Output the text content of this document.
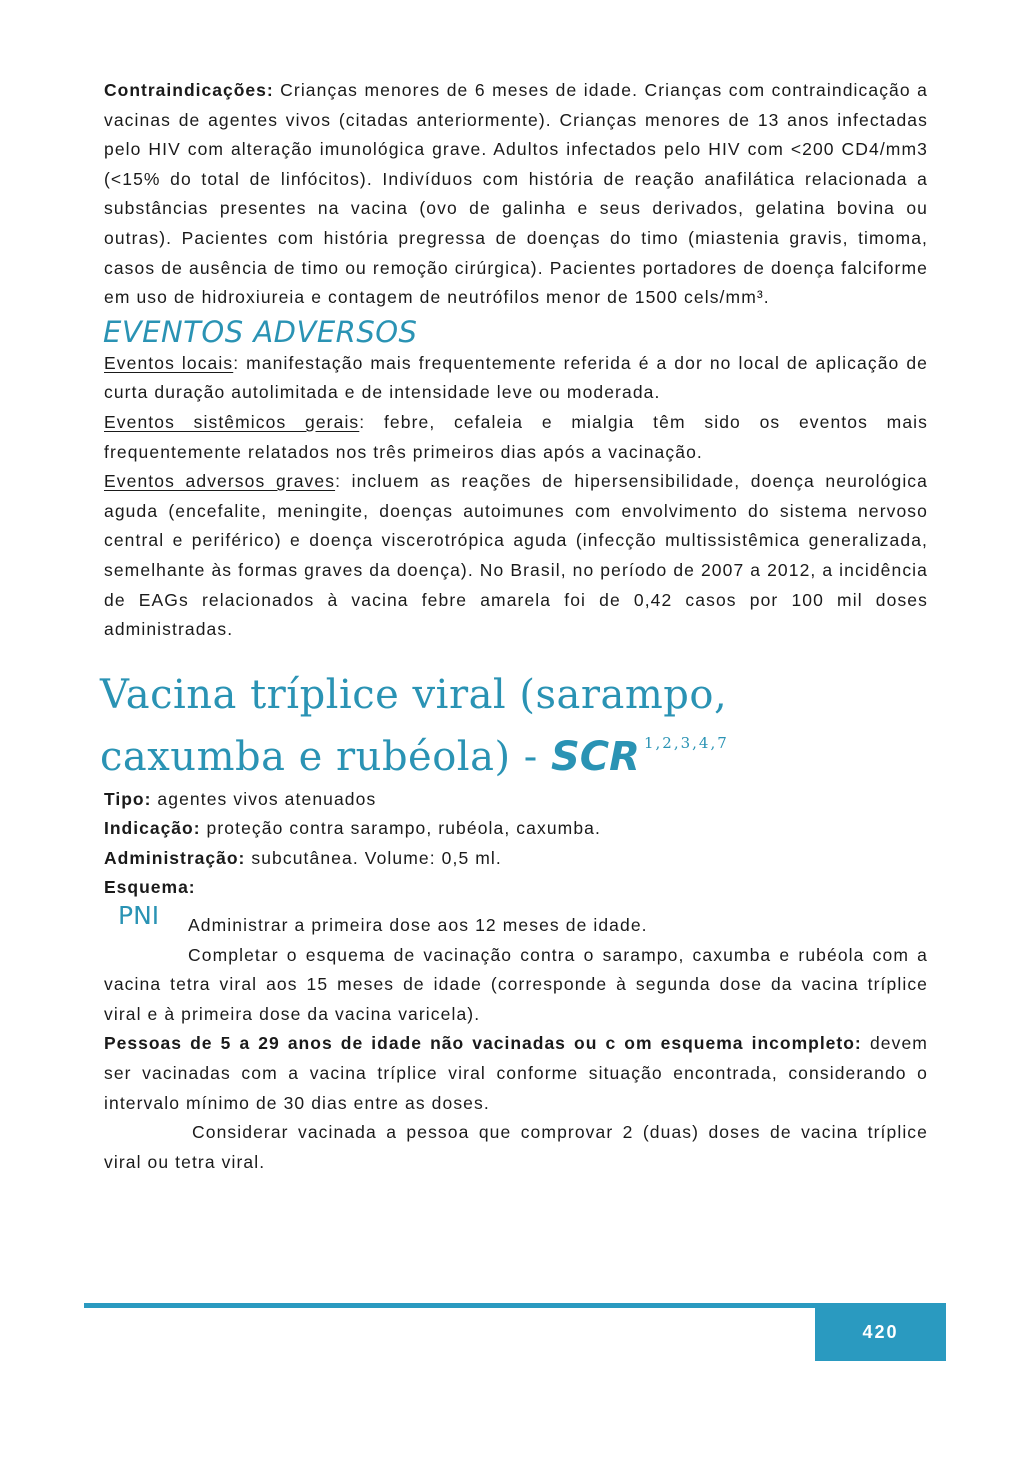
Contraindicações: Crianças menores de 6 meses de idade. Crianças com contraindicação a vacinas de agentes vivos (citadas anteriormente). Crianças menores de 13 anos infectadas pelo HIV com alteração imunológica grave. Adultos infectados pelo HIV com <200 CD4/mm3 (<15% do total de linfócitos). Indivíduos com história de reação anafilática relacionada a substâncias presentes na vacina (ovo de galinha e seus derivados, gelatina bovina ou outras). Pacientes com história pregressa de doenças do timo (miastenia gravis, timoma, casos de ausência de timo ou remoção cirúrgica). Pacientes portadores de doença falciforme em uso de hidroxiureia e contagem de neutrófilos menor de 1500 cels/mm³.

EVENTOS ADVERSOS

Eventos locais: manifestação mais frequentemente referida é a dor no local de aplicação de curta duração autolimitada e de intensidade leve ou moderada.

Eventos sistêmicos gerais: febre, cefaleia e mialgia têm sido os eventos mais frequentemente relatados nos três primeiros dias após a vacinação.

Eventos adversos graves: incluem as reações de hipersensibilidade, doença neurológica aguda (encefalite, meningite, doenças autoimunes com envolvimento do sistema nervoso central e periférico) e doença viscerotrópica aguda (infecção multissistêmica generalizada, semelhante às formas graves da doença). No Brasil, no período de 2007 a 2012, a incidência de EAGs relacionados à vacina febre amarela foi de 0,42 casos por 100 mil doses administradas.

Vacina tríplice viral (sarampo, caxumba e rubéola) - SCR $^{1,2,3,4,7}$

Tipo: agentes vivos atenuados

Indicação: proteção contra sarampo, rubéola, caxumba.

Administração: subcutânea. Volume: 0,5 ml.

Esquema:

PNI	Administrar a primeira dose aos 12 meses de idade.

Completar o esquema de vacinação contra o sarampo, caxumba e rubéola com a vacina tetra viral aos 15 meses de idade (corresponde à segunda dose da vacina tríplice viral e à primeira dose da vacina varicela).

Pessoas de 5 a 29 anos de idade não vacinadas ou c om esquema incompleto: devem ser vacinadas com a vacina tríplice viral conforme situação encontrada, considerando o intervalo mínimo de 30 dias entre as doses.

Considerar vacinada a pessoa que comprovar 2 (duas) doses de vacina tríplice viral ou tetra viral.

420
